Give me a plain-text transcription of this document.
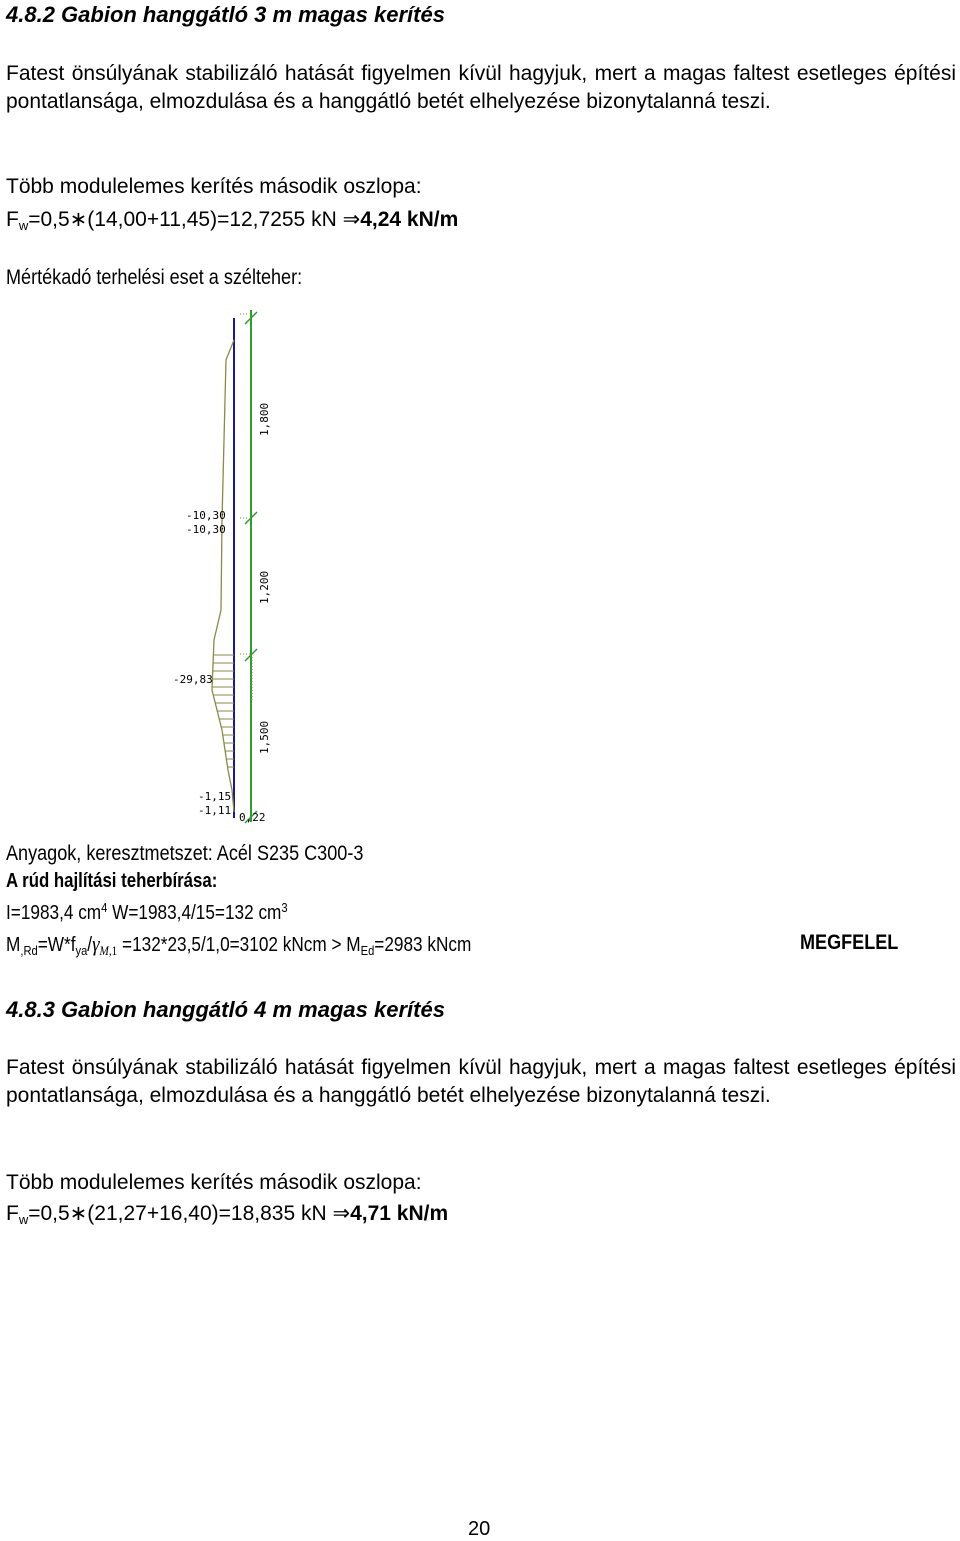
4.8.2 Gabion hanggátló 3 m magas kerítés
Fatest önsúlyának stabilizáló hatását figyelmen kívül hagyjuk, mert a magas faltest esetleges építési pontatlansága, elmozdulása és a hanggátló betét elhelyezése bizonytalanná teszi.
Több modulelemes kerítés második oszlopa:
$F_w=0,5∗(14,00+11,45)=12,7255$ kN ⇒4,24 kN/m
Mértékadó terhelési eset a szélteher:
1,800
1,200
1,500
-10,30
-10,30
-29,83
-1,15
-1,11
0,22
Anyagok, keresztmetszet: Acél S235 C300-3
A rúd hajlítási teherbírása:
I=1983,4 $cm^4$ W=1983,4/15=132 $cm^3$
$M_{,Rd}=W*f_{ya}/\gamma_{M,1} =132*23,5/1,0=3102$ kNcm > $M_{Ed}=2983$ kNcm	MEGFELEL
4.8.3 Gabion hanggátló 4 m magas kerítés
Fatest önsúlyának stabilizáló hatását figyelmen kívül hagyjuk, mert a magas faltest esetleges építési pontatlansága, elmozdulása és a hanggátló betét elhelyezése bizonytalanná teszi.
Több modulelemes kerítés második oszlopa:
$F_w=0,5∗(21,27+16,40)=18,835$ kN ⇒4,71 kN/m
20
